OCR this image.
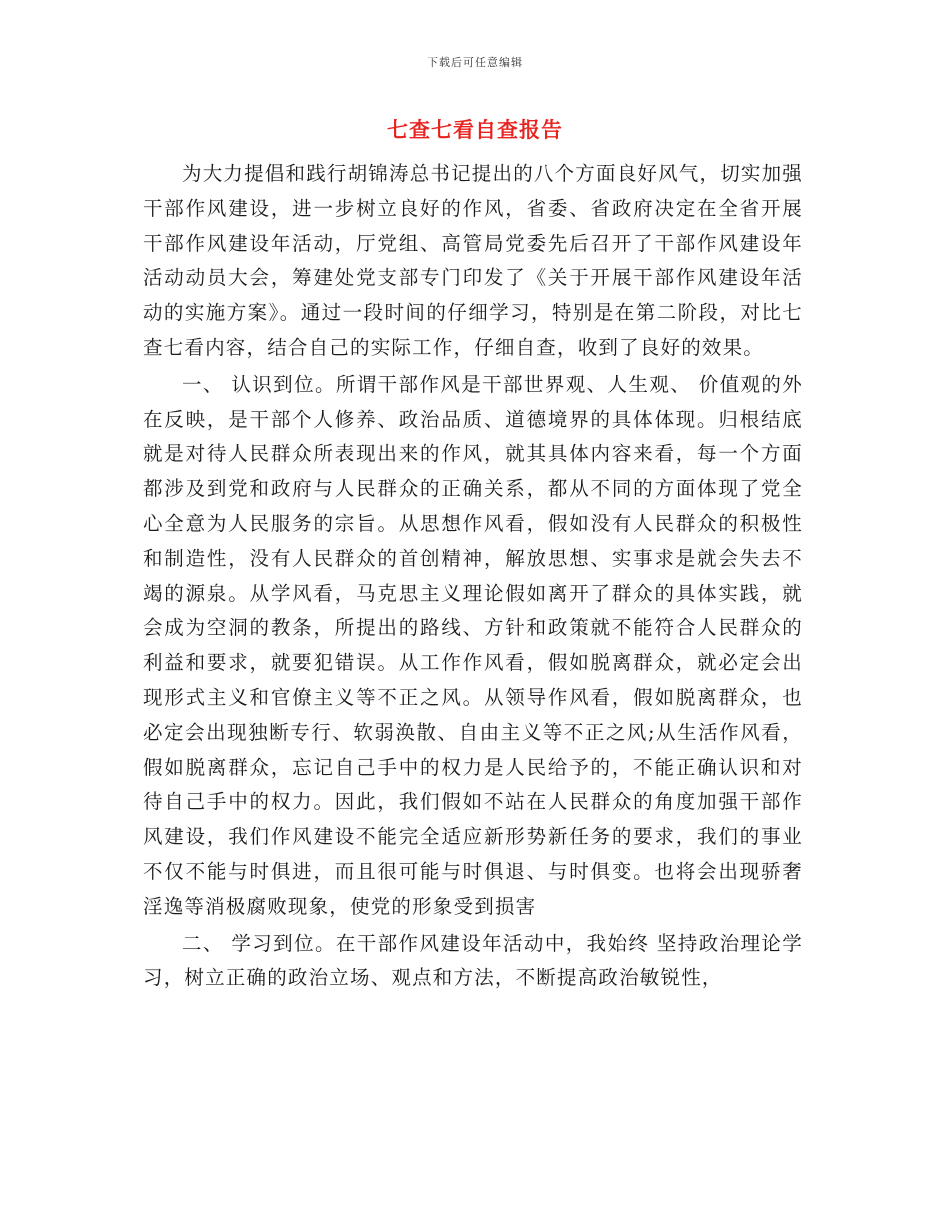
下载后可任意编辑
七查七看自查报告

为大力提倡和践行胡锦涛总书记提出的八个方面良好风气，切实加强干部作风建设，进一步树立良好的作风，省委、省政府决定在全省开展干部作风建设年活动，厅党组、高管局党委先后召开了干部作风建设年活动动员大会，筹建处党支部专门印发了《关于开展干部作风建设年活动的实施方案》。通过一段时间的仔细学习，特别是在第二阶段，对比七查七看内容，结合自己的实际工作，仔细自查，收到了良好的效果。

一、 认识到位。所谓干部作风是干部世界观、人生观、 价值观的外在反映，是干部个人修养、政治品质、道德境界的具体体现。归根结底就是对待人民群众所表现出来的作风，就其具体内容来看，每一个方面都涉及到党和政府与人民群众的正确关系，都从不同的方面体现了党全心全意为人民服务的宗旨。从思想作风看，假如没有人民群众的积极性和制造性，没有人民群众的首创精神，解放思想、实事求是就会失去不竭的源泉。从学风看，马克思主义理论假如离开了群众的具体实践，就会成为空洞的教条，所提出的路线、方针和政策就不能符合人民群众的利益和要求，就要犯错误。从工作作风看，假如脱离群众，就必定会出现形式主义和官僚主义等不正之风。从领导作风看，假如脱离群众，也必定会出现独断专行、软弱涣散、自由主义等不正之风;从生活作风看，假如脱离群众，忘记自己手中的权力是人民给予的，不能正确认识和对待自己手中的权力。因此，我们假如不站在人民群众的角度加强干部作风建设，我们作风建设不能完全适应新形势新任务的要求，我们的事业不仅不能与时俱进，而且很可能与时俱退、与时俱变。也将会出现骄奢淫逸等消极腐败现象，使党的形象受到损害

二、 学习到位。在干部作风建设年活动中，我始终 坚持政治理论学习，树立正确的政治立场、观点和方法，不断提高政治敏锐性，
